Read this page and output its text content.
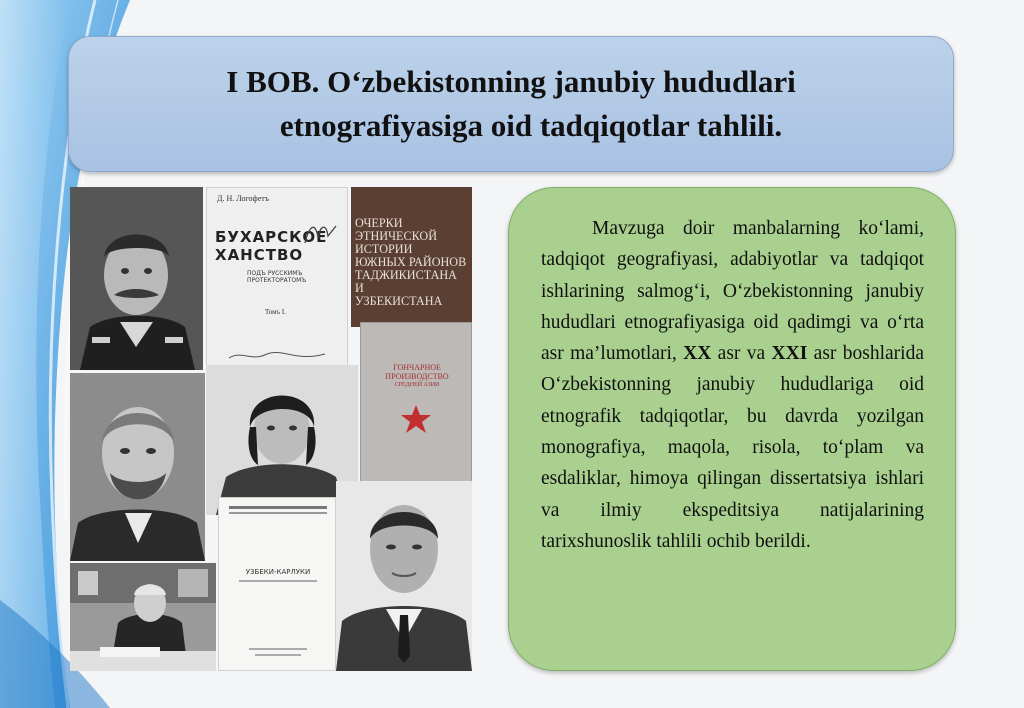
I BOB. O‘zbekistonning janubiy hududlari
etnografiyasiga oid tadqiqotlar tahlili.
Д. Н. Логофетъ
БУХАРСКОЕ
ХАНСТВО
ПОДЪ РУССКИМЪ ПРОТЕКТОРАТОМЪ
Томъ I.
ОЧЕРКИ
ЭТНИЧЕСКОЙ
ИСТОРИИ
ЮЖНЫХ РАЙОНОВ
ТАДЖИКИСТАНА
И
УЗБЕКИСТАНА
ГОНЧАРНОЕ
ПРОИЗВОДСТВО
СРЕДНЕЙ АЗИИ
УЗБЕКИ-КАРЛУКИ

Mavzuga doir manbalarning ko‘lami, tadqiqot geografiyasi, adabiyotlar va tadqiqot ishlarining salmog‘i, O‘zbekistonning janubiy hududlari etnografiyasiga oid qadimgi va o‘rta asr ma’lumotlari, XX asr va XXI asr boshlarida O‘zbekistonning janubiy hududlariga oid etnografik tadqiqotlar, bu davrda yozilgan monografiya, maqola, risola, to‘plam va esdaliklar, himoya qilingan dissertatsiya ishlari va ilmiy ekspeditsiya natijalarining tarixshunoslik tahlili ochib berildi.
